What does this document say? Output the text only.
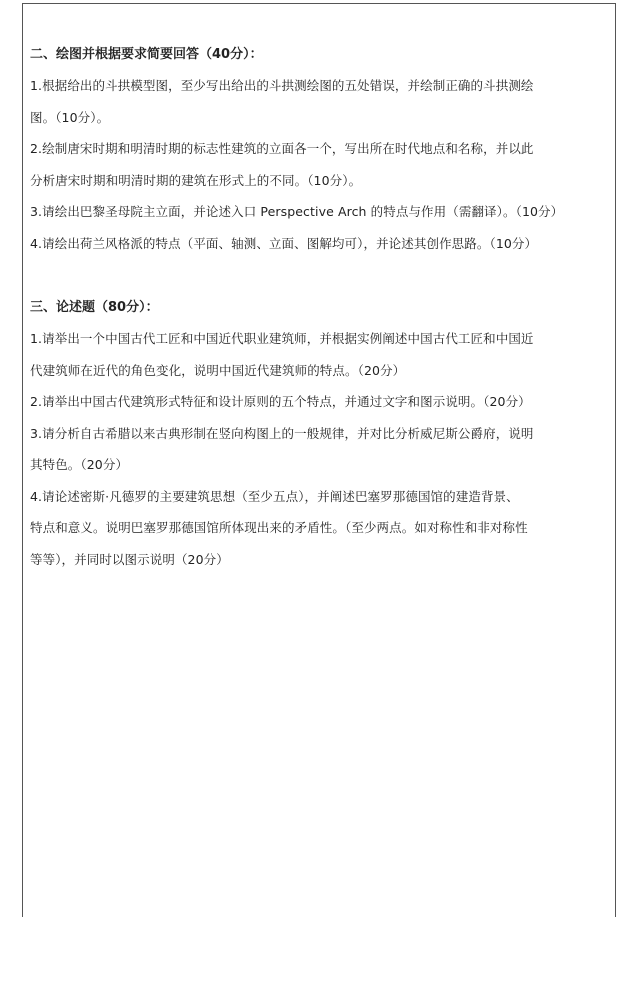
二、绘图并根据要求简要回答（40分）：

1.根据给出的斗拱模型图，至少写出给出的斗拱测绘图的五处错误，并绘制正确的斗拱测绘
图。（10分）。
2.绘制唐宋时期和明清时期的标志性建筑的立面各一个，写出所在时代地点和名称，并以此
分析唐宋时期和明清时期的建筑在形式上的不同。（10分）。
3.请绘出巴黎圣母院主立面，并论述入口 Perspective Arch 的特点与作用（需翻译）。（10分）
4.请绘出荷兰风格派的特点（平面、轴测、立面、图解均可），并论述其创作思路。（10分）

三、论述题（80分）：

1.请举出一个中国古代工匠和中国近代职业建筑师，并根据实例阐述中国古代工匠和中国近
代建筑师在近代的角色变化，说明中国近代建筑师的特点。（20分）
2.请举出中国古代建筑形式特征和设计原则的五个特点，并通过文字和图示说明。（20分）
3.请分析自古希腊以来古典形制在竖向构图上的一般规律，并对比分析威尼斯公爵府，说明
其特色。（20分）
4.请论述密斯·凡德罗的主要建筑思想（至少五点），并阐述巴塞罗那德国馆的建造背景、
特点和意义。说明巴塞罗那德国馆所体现出来的矛盾性。（至少两点。如对称性和非对称性
等等），并同时以图示说明（20分）
